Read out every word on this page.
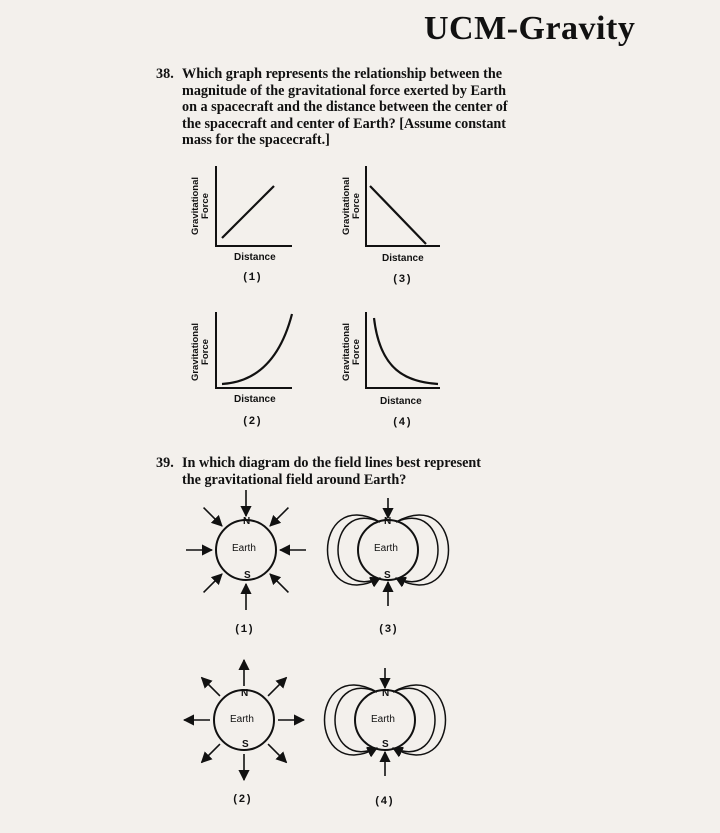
UCM-Gravity
38. Which graph represents the relationship between the
magnitude of the gravitational force exerted by Earth
on a spacecraft and the distance between the center of
the spacecraft and center of Earth? [Assume constant
mass for the spacecraft.]
Gravitational
Force
Distance
(1)
Gravitational
Force
Distance
(3)
Gravitational
Force
Distance
(2)
Gravitational
Force
Distance
(4)
39. In which diagram do the field lines best represent
the gravitational field around Earth?
N
Earth
S
(1)
N
Earth
S
(3)
N
Earth
S
(2)
N
Earth
S
(4)
